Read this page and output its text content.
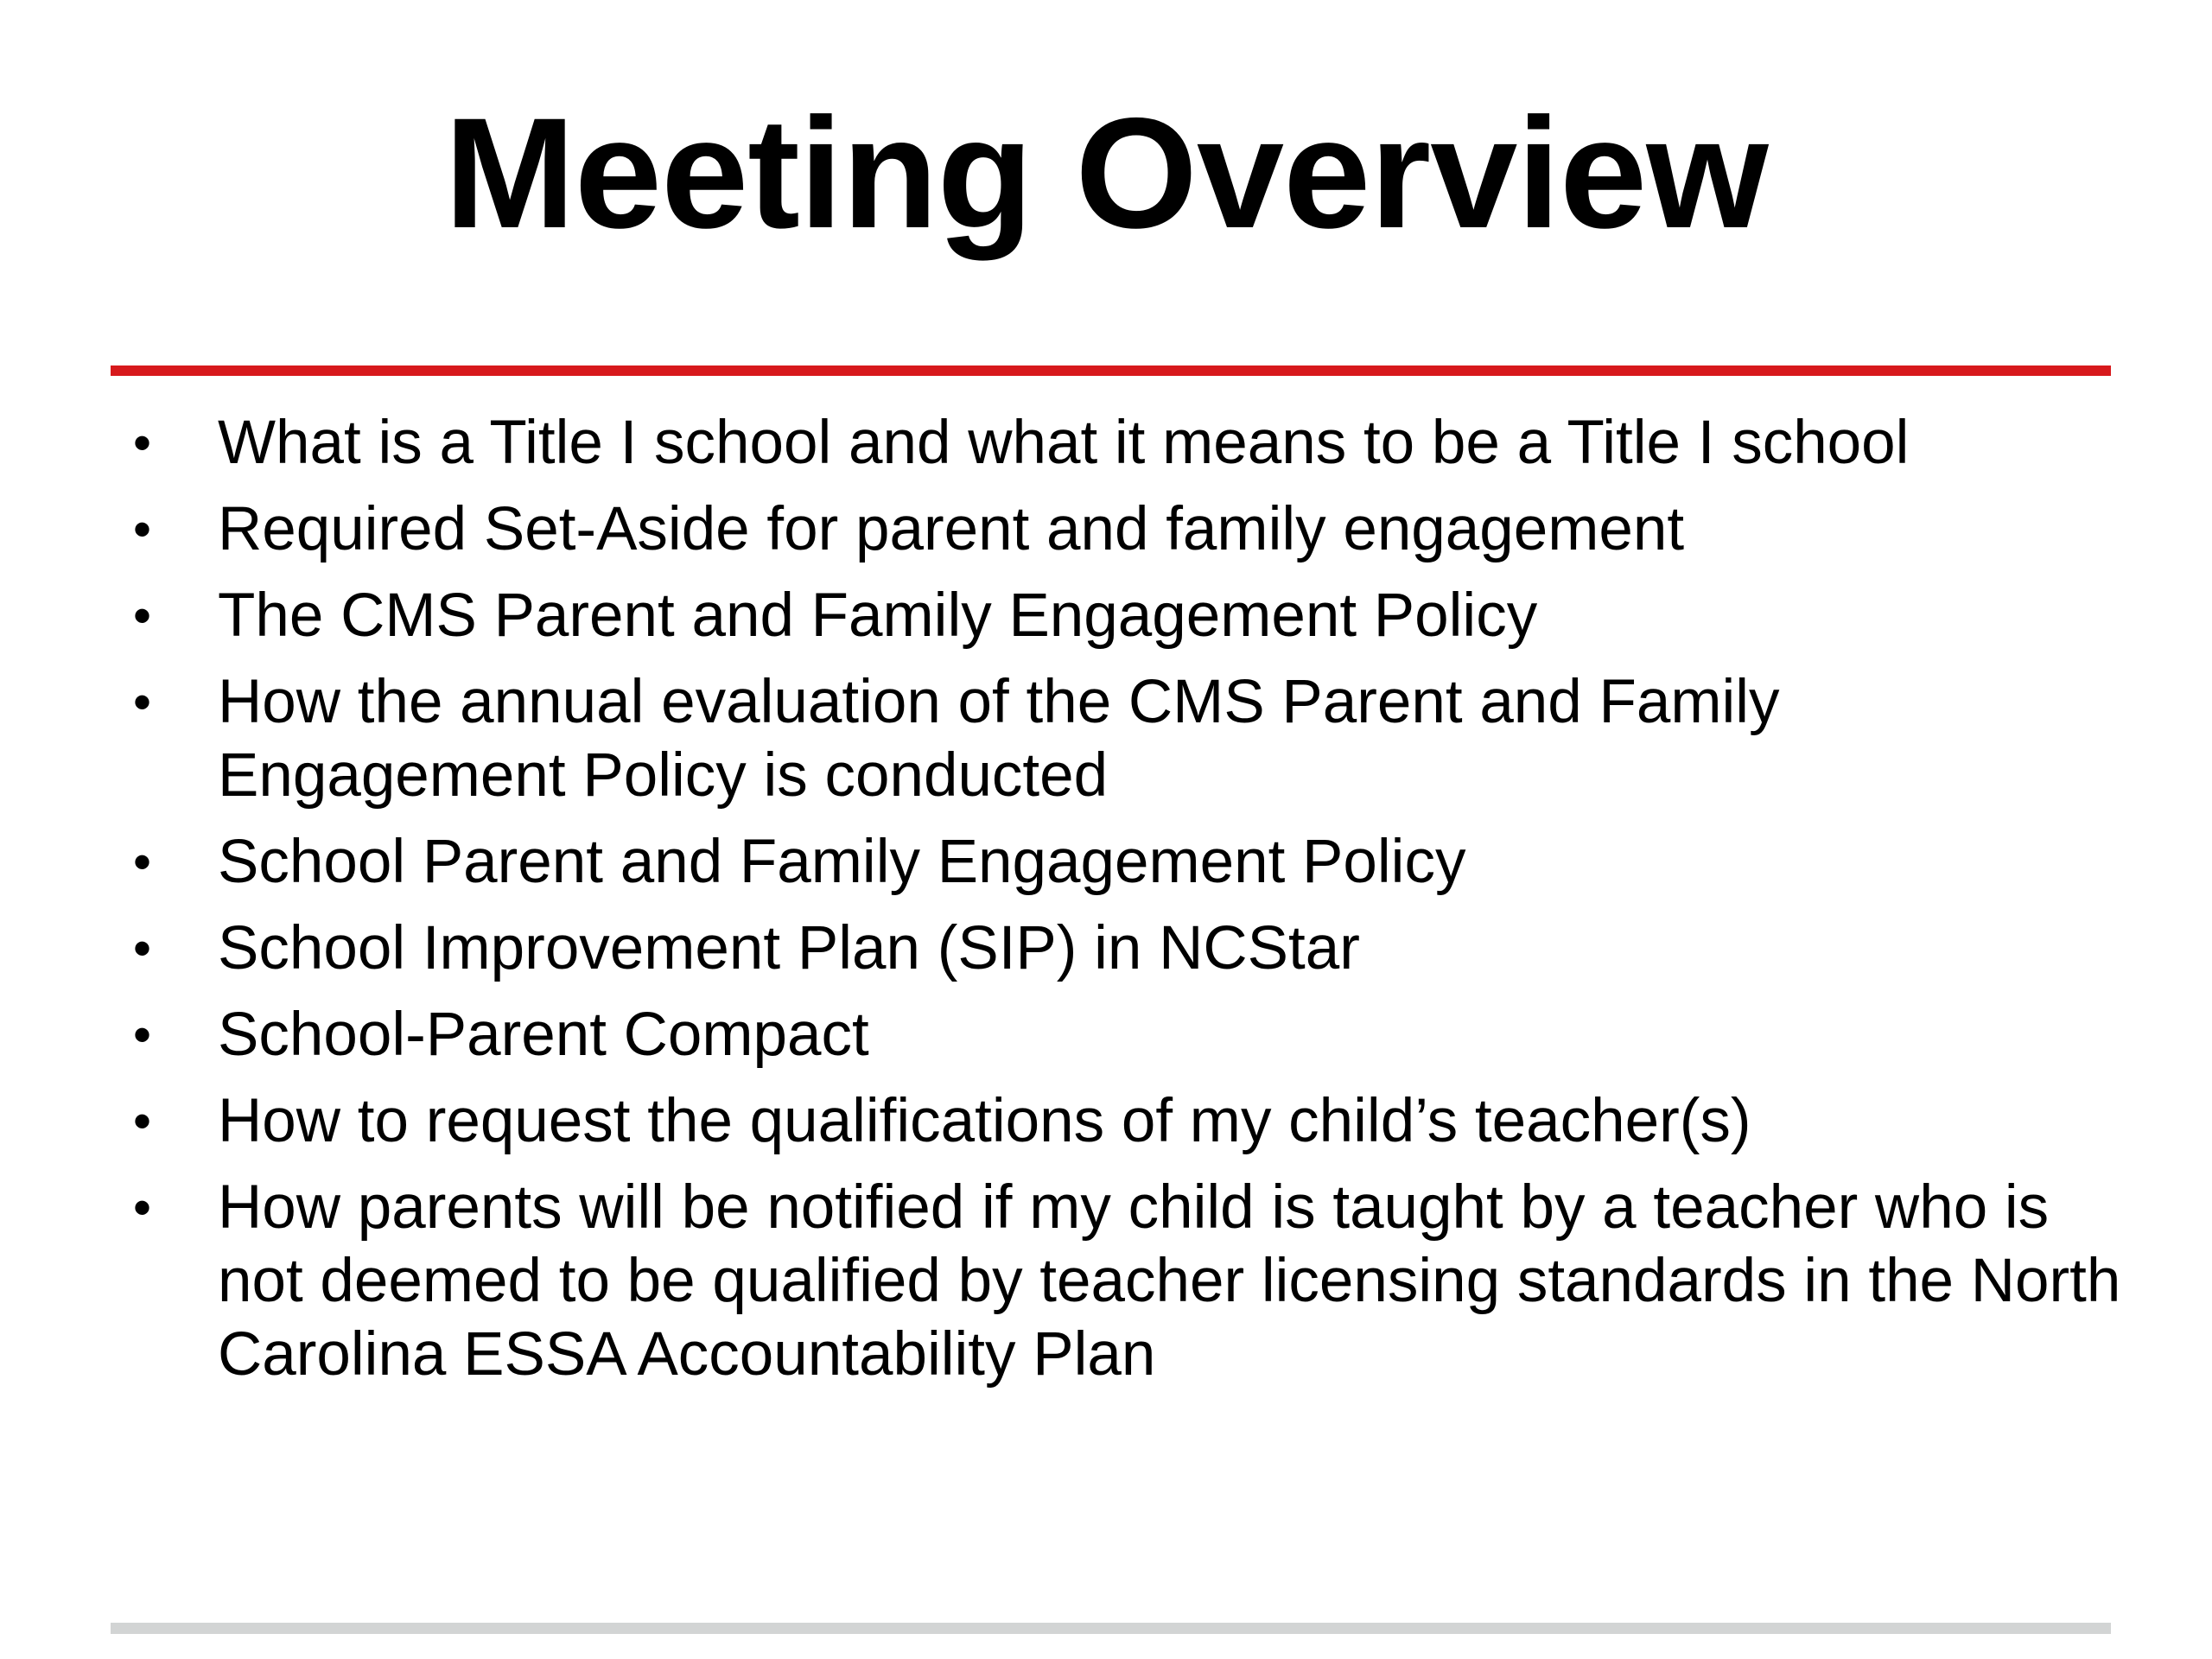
Meeting Overview
• What is a Title I school and what it means to be a Title I school
• Required Set-Aside for parent and family engagement
• The CMS Parent and Family Engagement Policy
• How the annual evaluation of the CMS Parent and Family Engagement Policy is conducted
• School Parent and Family Engagement Policy
• School Improvement Plan (SIP) in NCStar
• School-Parent Compact
• How to request the qualifications of my child’s teacher(s)
• How parents will be notified if my child is taught by a teacher who is not deemed to be qualified by teacher licensing standards in the North Carolina ESSA Accountability Plan
